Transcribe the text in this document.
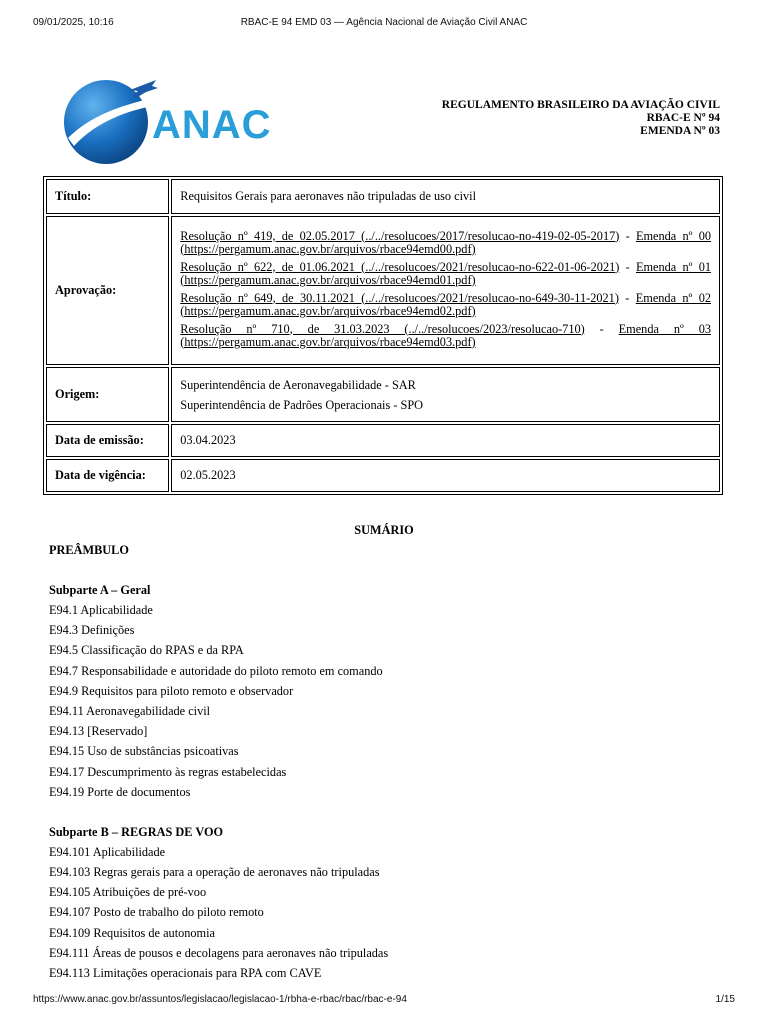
09/01/2025, 10:16	RBAC-E 94 EMD 03 — Agência Nacional de Aviação Civil ANAC
ANAC	REGULAMENTO BRASILEIRO DA AVIAÇÃO CIVIL
RBAC-E Nº 94
EMENDA Nº 03
Título:	Requisitos Gerais para aeronaves não tripuladas de uso civil
Aprovação:	Resolução nº 419, de 02.05.2017 (../../resolucoes/2017/resolucao-no-419-02-05-2017) - Emenda nº 00 (https://pergamum.anac.gov.br/arquivos/rbace94emd00.pdf)
Resolução nº 622, de 01.06.2021 (../../resolucoes/2021/resolucao-no-622-01-06-2021) - Emenda nº 01 (https://pergamum.anac.gov.br/arquivos/rbace94emd01.pdf)
Resolução nº 649, de 30.11.2021 (../../resolucoes/2021/resolucao-no-649-30-11-2021) - Emenda nº 02 (https://pergamum.anac.gov.br/arquivos/rbace94emd02.pdf)
Resolução nº 710, de 31.03.2023 (../../resolucoes/2023/resolucao-710) - Emenda nº 03 (https://pergamum.anac.gov.br/arquivos/rbace94emd03.pdf)

Origem:	Superintendência de Aeronavegabilidade - SAR
Superintendência de Padrões Operacionais - SPO

Data de emissão:	03.04.2023
Data de vigência:	02.05.2023
SUMÁRIO
PREÂMBULO
Subparte A – Geral
E94.1 Aplicabilidade
E94.3 Definições
E94.5 Classificação do RPAS e da RPA
E94.7 Responsabilidade e autoridade do piloto remoto em comando
E94.9 Requisitos para piloto remoto e observador
E94.11 Aeronavegabilidade civil
E94.13 [Reservado]
E94.15 Uso de substâncias psicoativas
E94.17 Descumprimento às regras estabelecidas
E94.19 Porte de documentos
Subparte B – REGRAS DE VOO
E94.101 Aplicabilidade
E94.103 Regras gerais para a operação de aeronaves não tripuladas
E94.105 Atribuições de pré-voo
E94.107 Posto de trabalho do piloto remoto
E94.109 Requisitos de autonomia
E94.111 Áreas de pousos e decolagens para aeronaves não tripuladas
E94.113 Limitações operacionais para RPA com CAVE
https://www.anac.gov.br/assuntos/legislacao/legislacao-1/rbha-e-rbac/rbac/rbac-e-94	1/15
